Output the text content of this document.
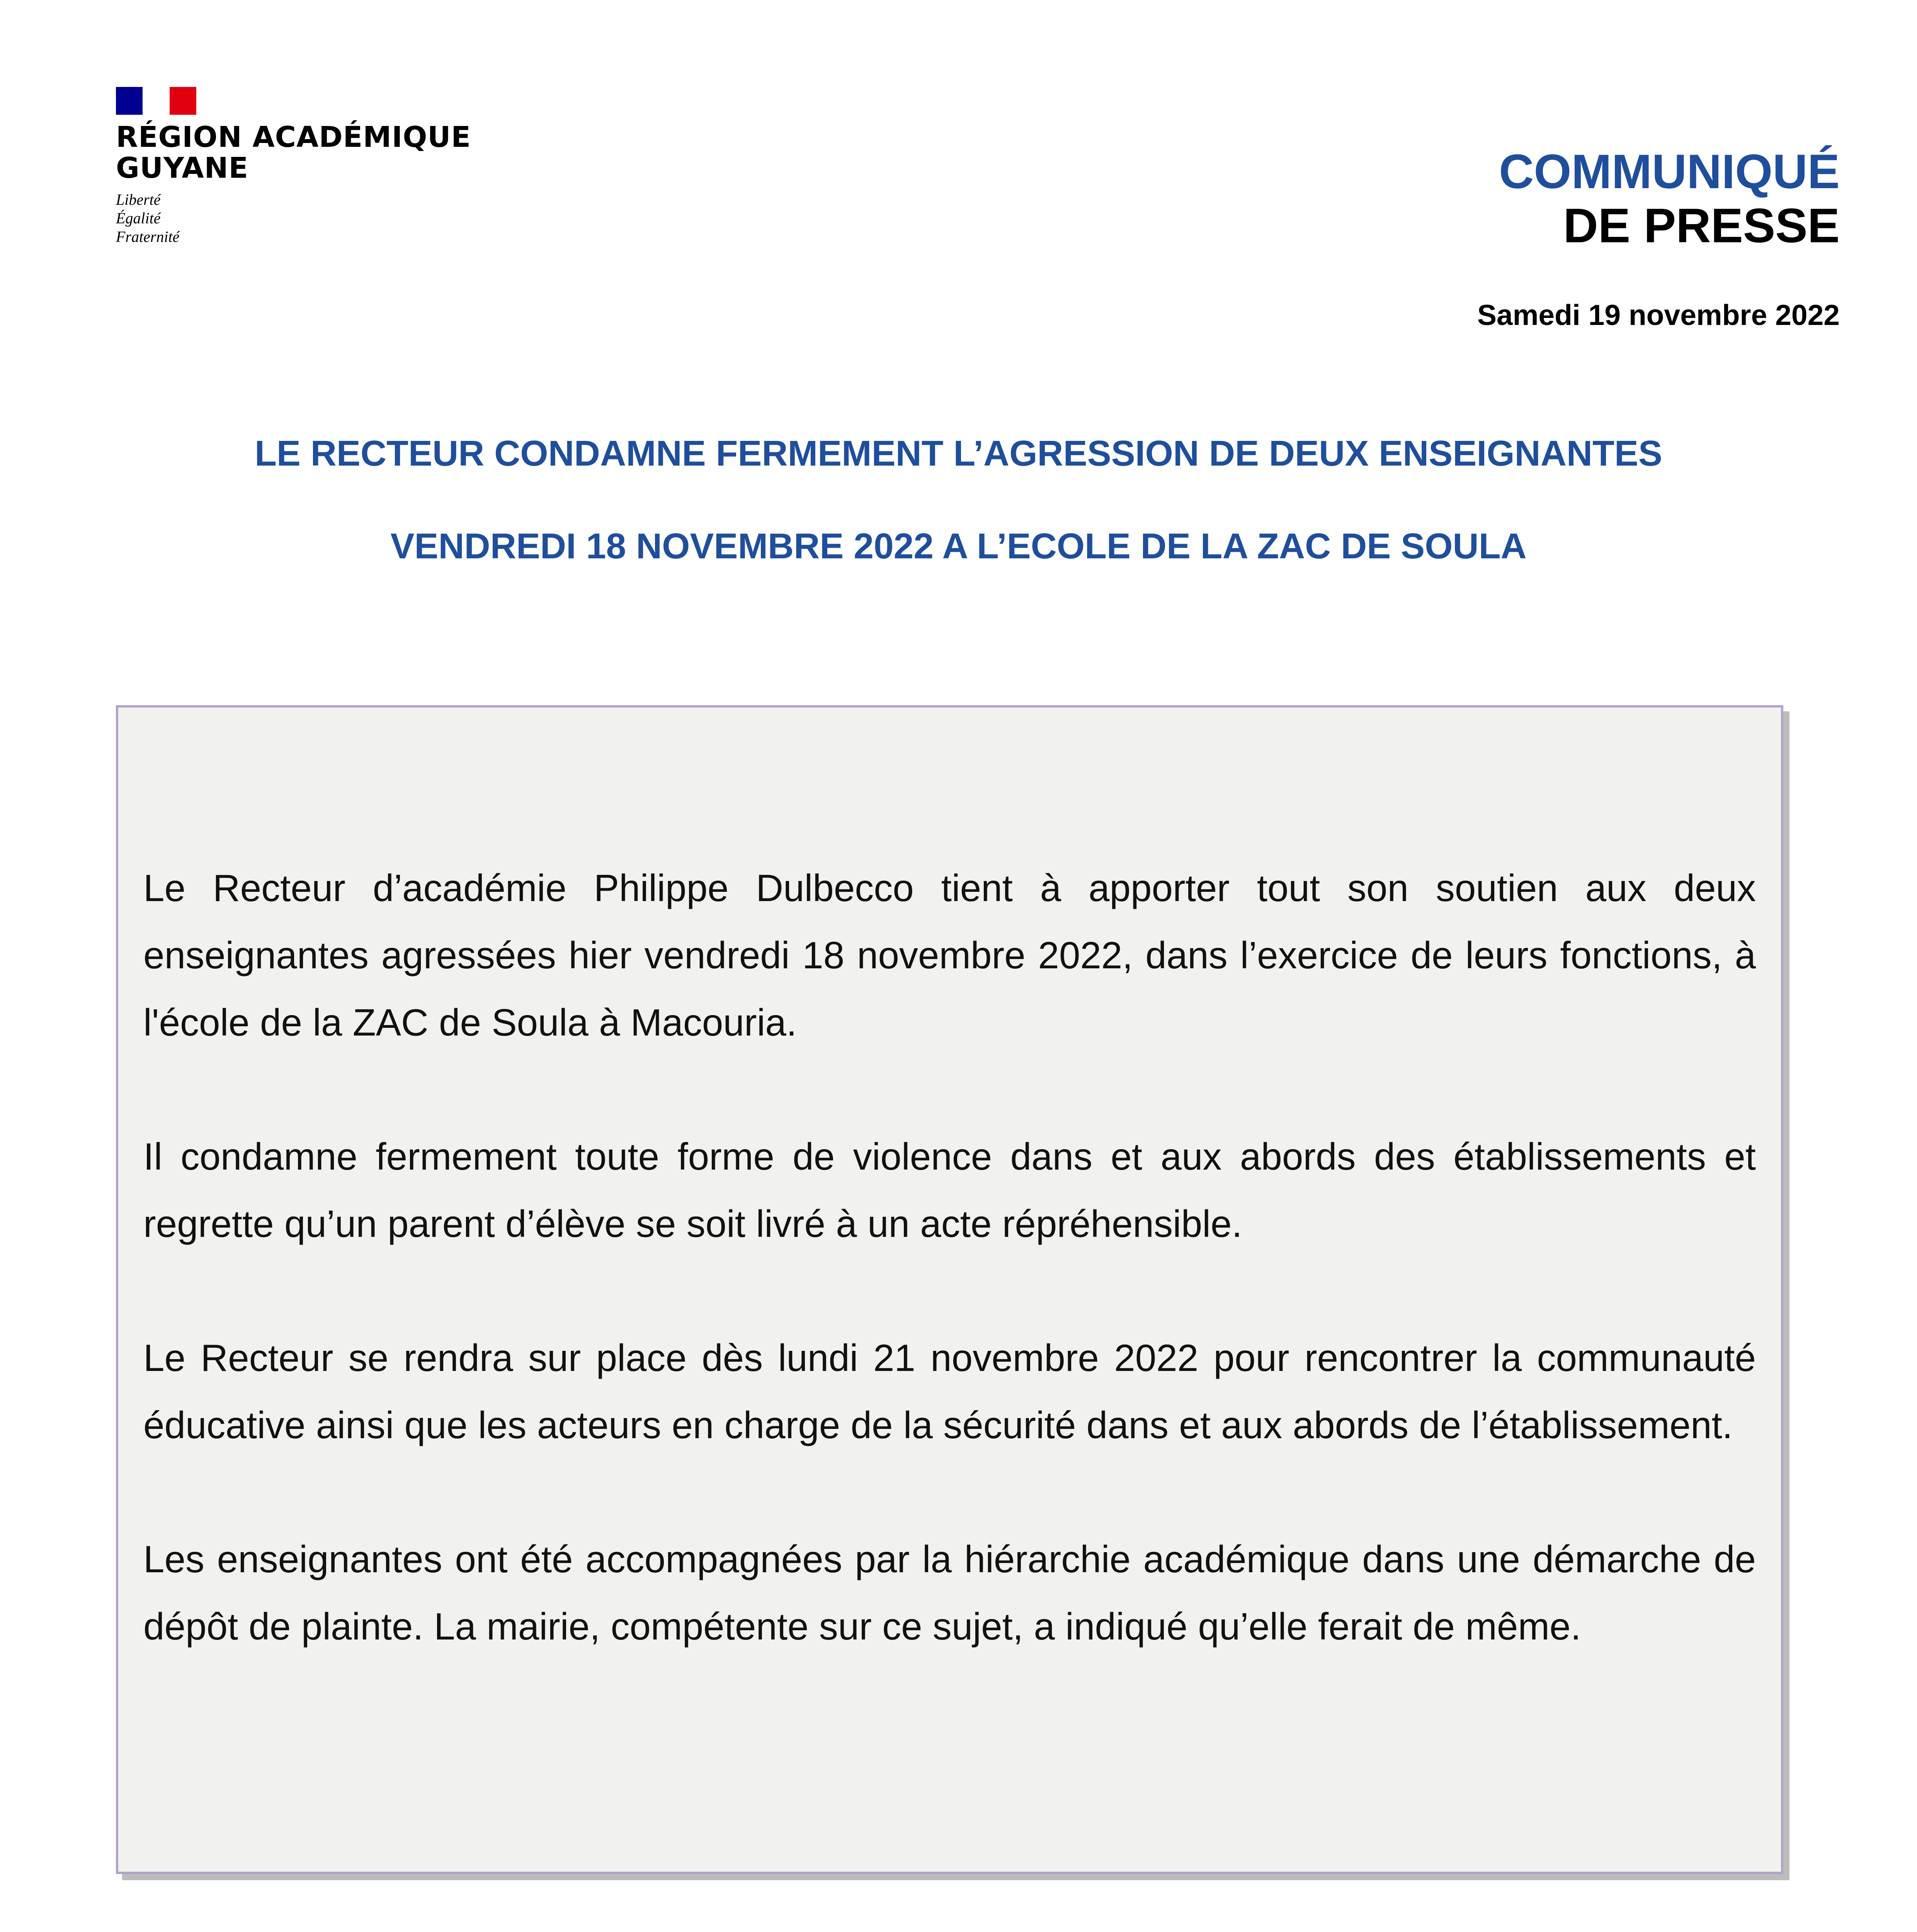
RÉGION ACADÉMIQUE
GUYANE
Liberté
Égalité
Fraternité
COMMUNIQUÉ
DE PRESSE
Samedi 19 novembre 2022
LE RECTEUR CONDAMNE FERMEMENT L’AGRESSION DE DEUX ENSEIGNANTES
VENDREDI 18 NOVEMBRE 2022 A L’ECOLE DE LA ZAC DE SOULA

Le Recteur d’académie Philippe Dulbecco tient à apporter tout son soutien aux deux enseignantes agressées hier vendredi 18 novembre 2022, dans l’exercice de leurs fonctions, à l'école de la ZAC de Soula à Macouria.

Il condamne fermement toute forme de violence dans et aux abords des établissements et regrette qu’un parent d’élève se soit livré à un acte répréhensible.

Le Recteur se rendra sur place dès lundi 21 novembre 2022 pour rencontrer la communauté éducative ainsi que les acteurs en charge de la sécurité dans et aux abords de l’établissement.

Les enseignantes ont été accompagnées par la hiérarchie académique dans une démarche de dépôt de plainte. La mairie, compétente sur ce sujet, a indiqué qu’elle ferait de même.
